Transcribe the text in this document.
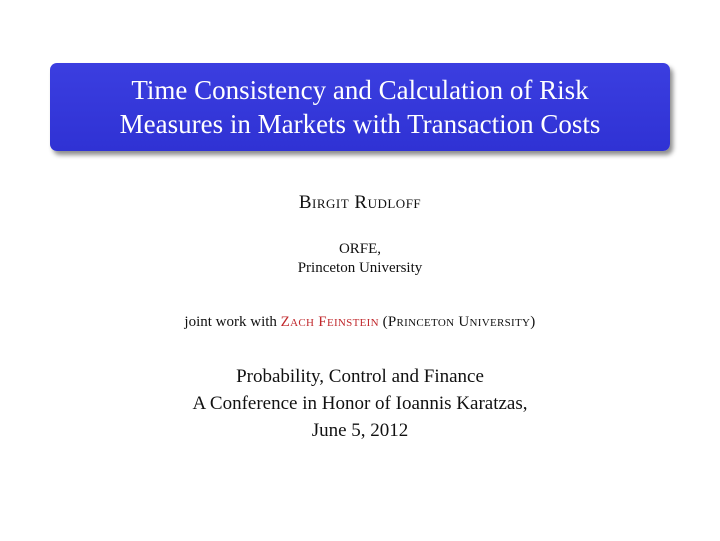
Time Consistency and Calculation of Risk
Measures in Markets with Transaction Costs
Birgit Rudloff
ORFE,
Princeton University
joint work with Zach Feinstein (Princeton University)
Probability, Control and Finance
A Conference in Honor of Ioannis Karatzas,
June 5, 2012
